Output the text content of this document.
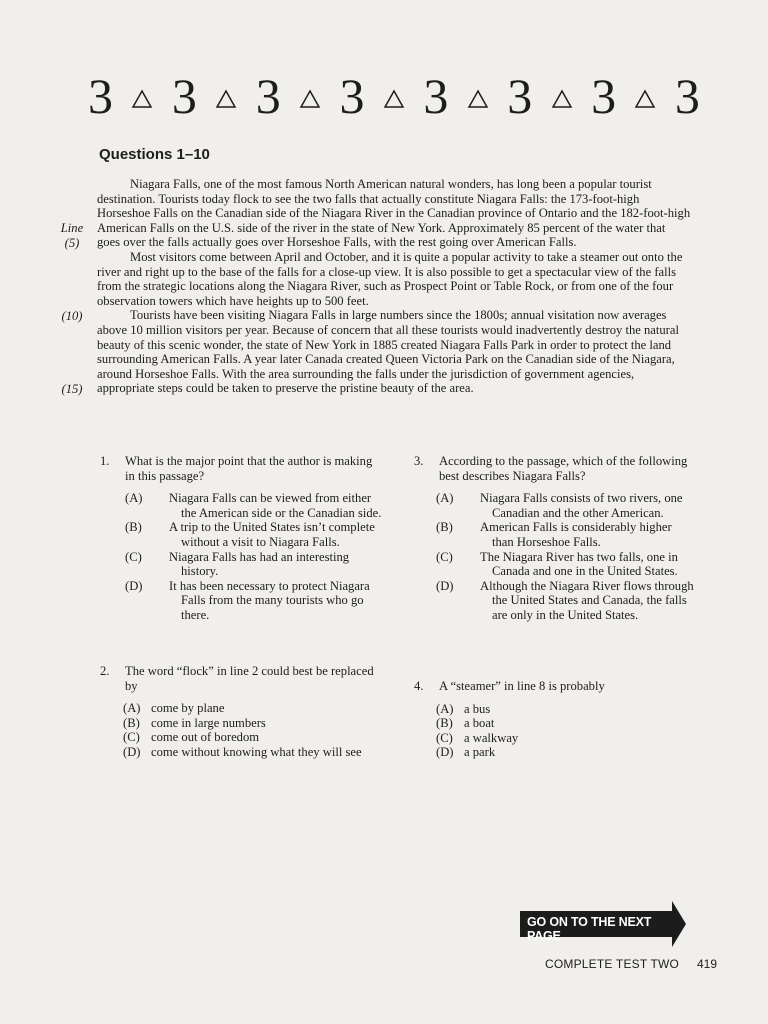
3 3 3 3 3 3 3 3
Questions 1–10
Line
(5)
(10)
(15)

Niagara Falls, one of the most famous North American natural wonders, has long been a popular tourist destination. Tourists today flock to see the two falls that actually constitute Niagara Falls: the 173-foot-high Horseshoe Falls on the Canadian side of the Niagara River in the Canadian province of Ontario and the 182-foot-high American Falls on the U.S. side of the river in the state of New York. Approximately 85 percent of the water that goes over the falls actually goes over Horseshoe Falls, with the rest going over American Falls.

Most visitors come between April and October, and it is quite a popular activity to take a steamer out onto the river and right up to the base of the falls for a close-up view. It is also possible to get a spectacular view of the falls from the strategic locations along the Niagara River, such as Prospect Point or Table Rock, or from one of the four observation towers which have heights up to 500 feet.

Tourists have been visiting Niagara Falls in large numbers since the 1800s; annual visitation now averages above 10 million visitors per year. Because of concern that all these tourists would inadvertently destroy the natural beauty of this scenic wonder, the state of New York in 1885 created Niagara Falls Park in order to protect the land surrounding American Falls. A year later Canada created Queen Victoria Park on the Canadian side of the Niagara, around Horseshoe Falls. With the area surrounding the falls under the jurisdiction of government agencies, appropriate steps could be taken to preserve the pristine beauty of the area.

1. What is the major point that the author is making in this passage?
(A)	Niagara Falls can be viewed from either the American side or the Canadian side.
(B)	A trip to the United States isn’t complete without a visit to Niagara Falls.
(C)	Niagara Falls has had an interesting history.
(D)	It has been necessary to protect Niagara Falls from the many tourists who go there.
2. The word “flock” in line 2 could best be replaced by
(A) come by plane
(B) come in large numbers
(C) come out of boredom
(D) come without knowing what they will see
3. According to the passage, which of the following best describes Niagara Falls?
(A)	Niagara Falls consists of two rivers, one Canadian and the other American.
(B)	American Falls is considerably higher than Horseshoe Falls.
(C)	The Niagara River has two falls, one in Canada and one in the United States.
(D)	Although the Niagara River flows through the United States and Canada, the falls are only in the United States.
4. A “steamer” in line 8 is probably
(A) a bus
(B) a boat
(C) a walkway
(D) a park
GO ON TO THE NEXT PAGE
COMPLETE TEST TWO 419
